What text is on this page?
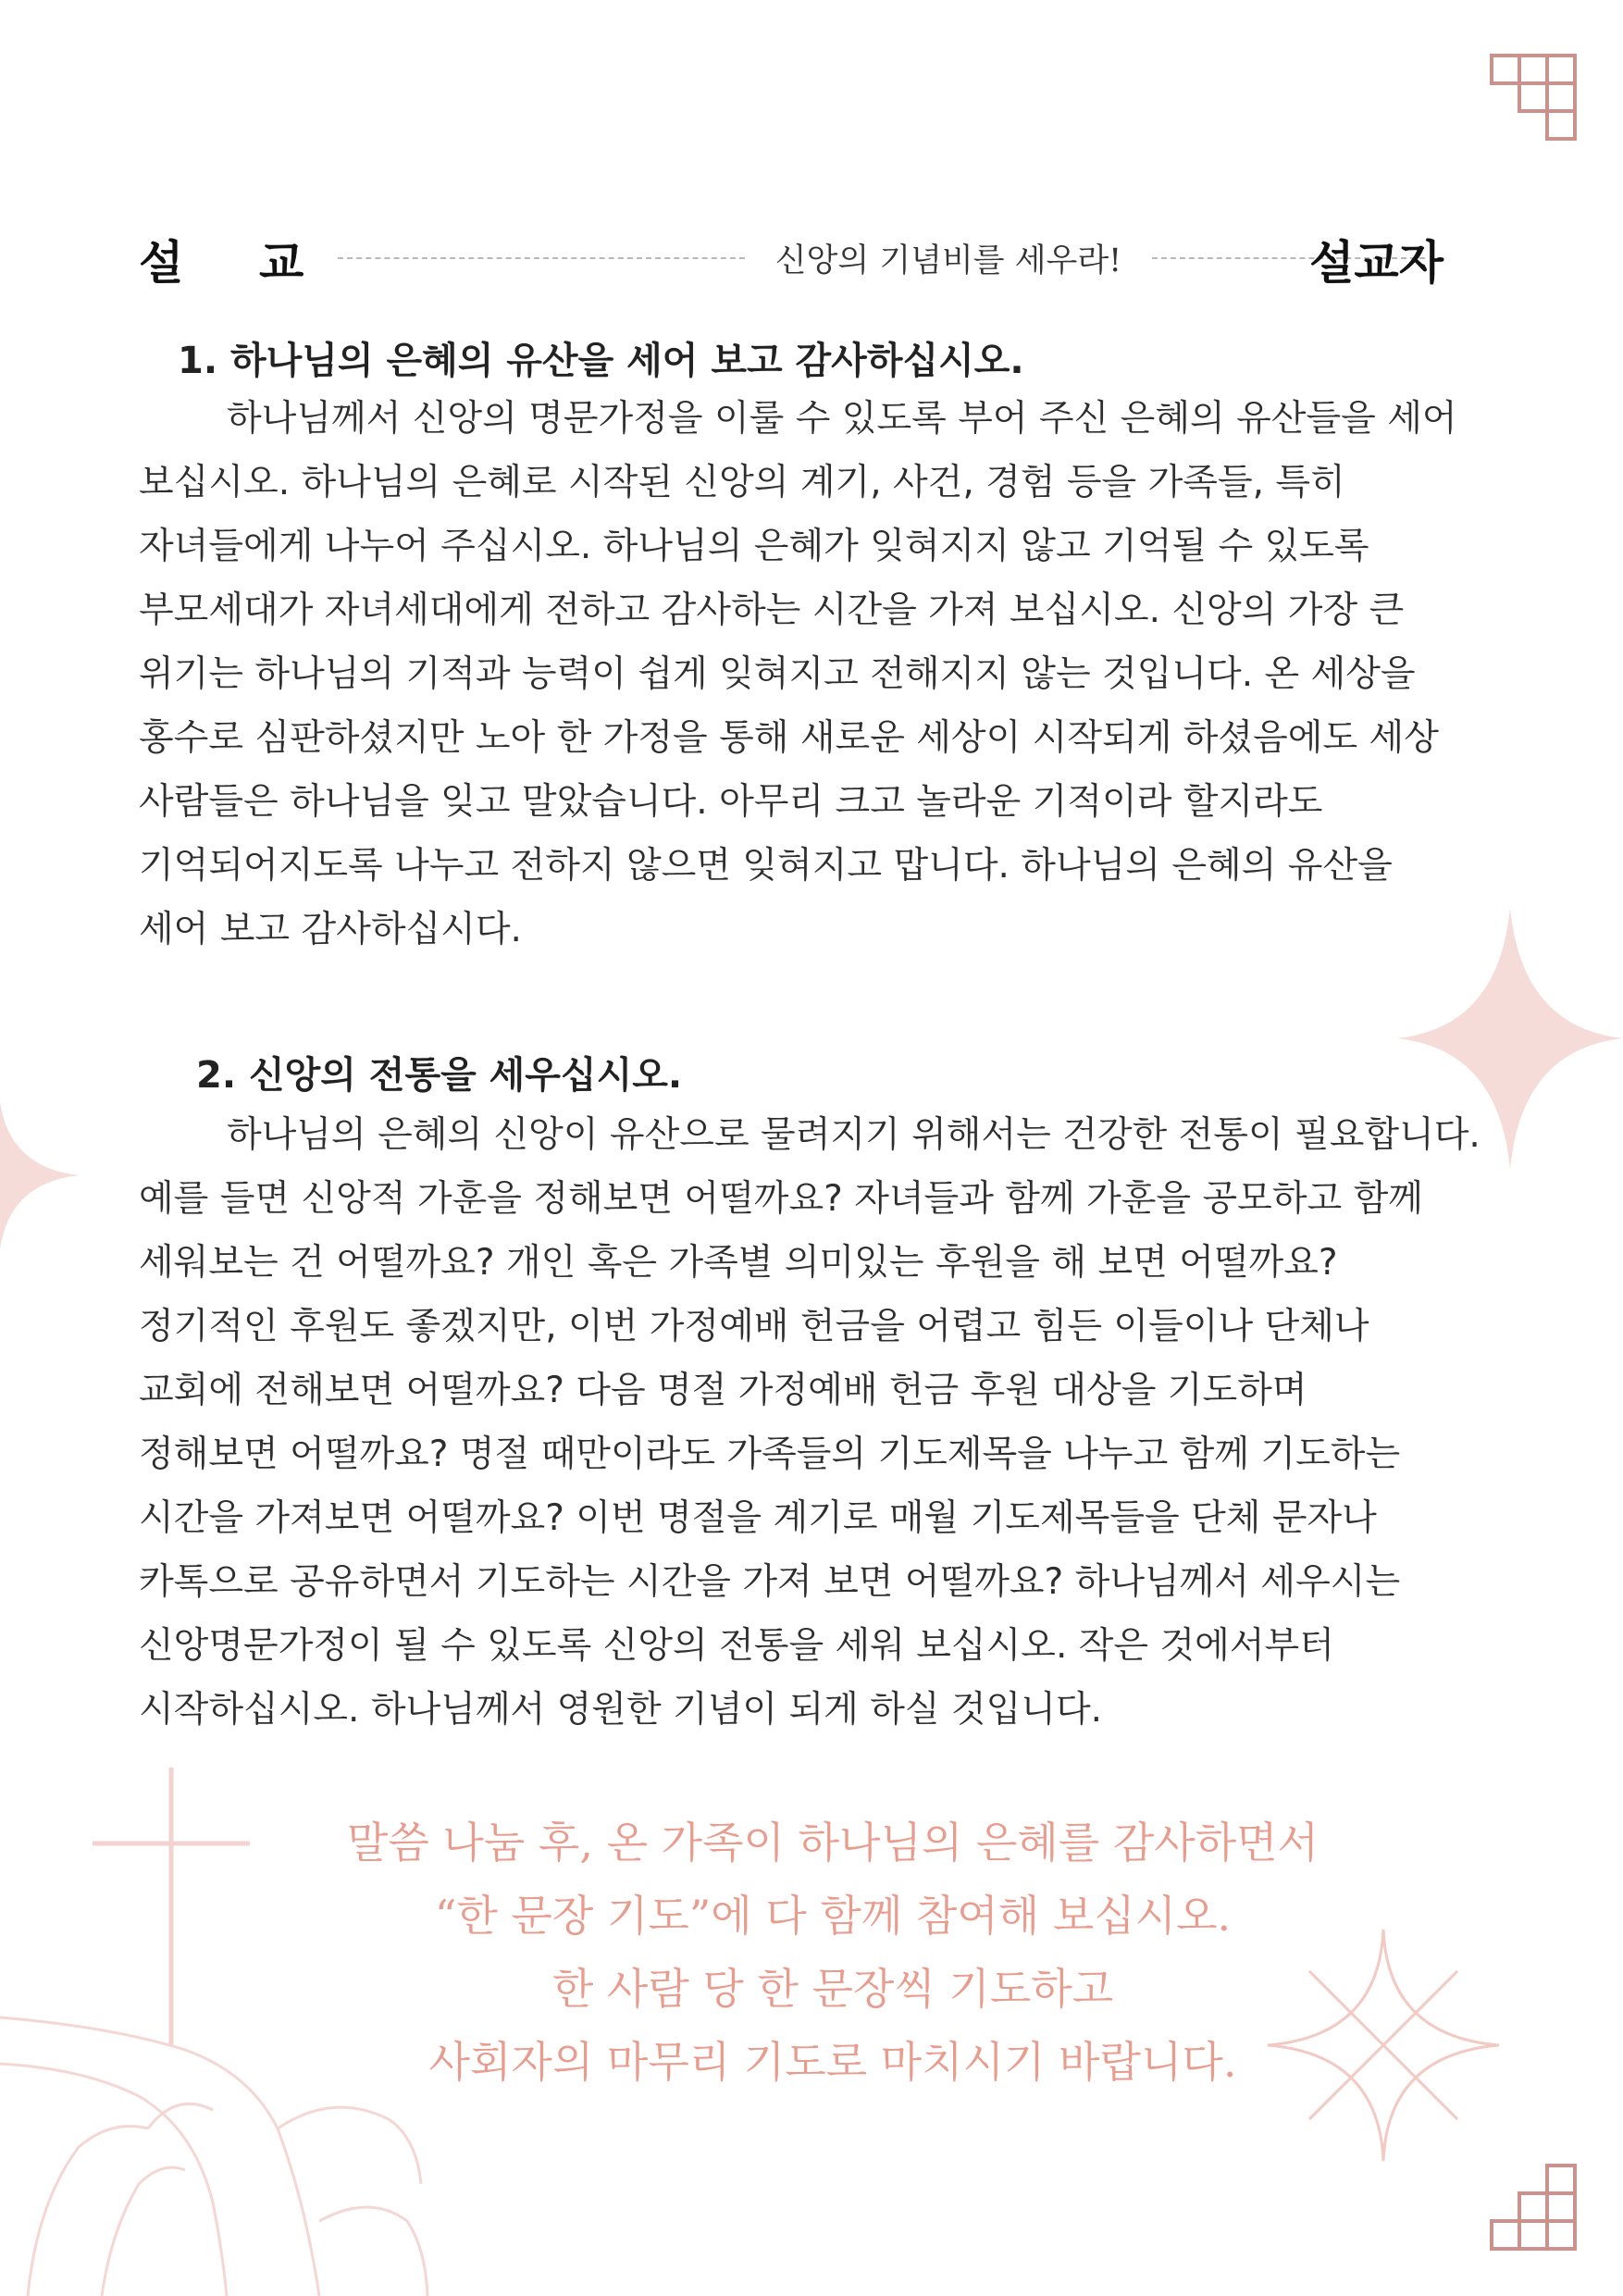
설 교	신앙의 기념비를 세우라!	설교자
1. 하나님의 은혜의 유산을 세어 보고 감사하십시오.
하나님께서 신앙의 명문가정을 이룰 수 있도록 부어 주신 은혜의 유산들을 세어
보십시오. 하나님의 은혜로 시작된 신앙의 계기, 사건, 경험 등을 가족들, 특히
자녀들에게 나누어 주십시오. 하나님의 은혜가 잊혀지지 않고 기억될 수 있도록
부모세대가 자녀세대에게 전하고 감사하는 시간을 가져 보십시오. 신앙의 가장 큰
위기는 하나님의 기적과 능력이 쉽게 잊혀지고 전해지지 않는 것입니다. 온 세상을
홍수로 심판하셨지만 노아 한 가정을 통해 새로운 세상이 시작되게 하셨음에도 세상
사람들은 하나님을 잊고 말았습니다. 아무리 크고 놀라운 기적이라 할지라도
기억되어지도록 나누고 전하지 않으면 잊혀지고 맙니다. 하나님의 은혜의 유산을
세어 보고 감사하십시다.
2. 신앙의 전통을 세우십시오.
하나님의 은혜의 신앙이 유산으로 물려지기 위해서는 건강한 전통이 필요합니다.
예를 들면 신앙적 가훈을 정해보면 어떨까요? 자녀들과 함께 가훈을 공모하고 함께
세워보는 건 어떨까요? 개인 혹은 가족별 의미있는 후원을 해 보면 어떨까요?
정기적인 후원도 좋겠지만, 이번 가정예배 헌금을 어렵고 힘든 이들이나 단체나
교회에 전해보면 어떨까요? 다음 명절 가정예배 헌금 후원 대상을 기도하며
정해보면 어떨까요? 명절 때만이라도 가족들의 기도제목을 나누고 함께 기도하는
시간을 가져보면 어떨까요? 이번 명절을 계기로 매월 기도제목들을 단체 문자나
카톡으로 공유하면서 기도하는 시간을 가져 보면 어떨까요? 하나님께서 세우시는
신앙명문가정이 될 수 있도록 신앙의 전통을 세워 보십시오. 작은 것에서부터
시작하십시오. 하나님께서 영원한 기념이 되게 하실 것입니다.
말씀 나눔 후, 온 가족이 하나님의 은혜를 감사하면서
“한 문장 기도”에 다 함께 참여해 보십시오.
한 사람 당 한 문장씩 기도하고
사회자의 마무리 기도로 마치시기 바랍니다.
